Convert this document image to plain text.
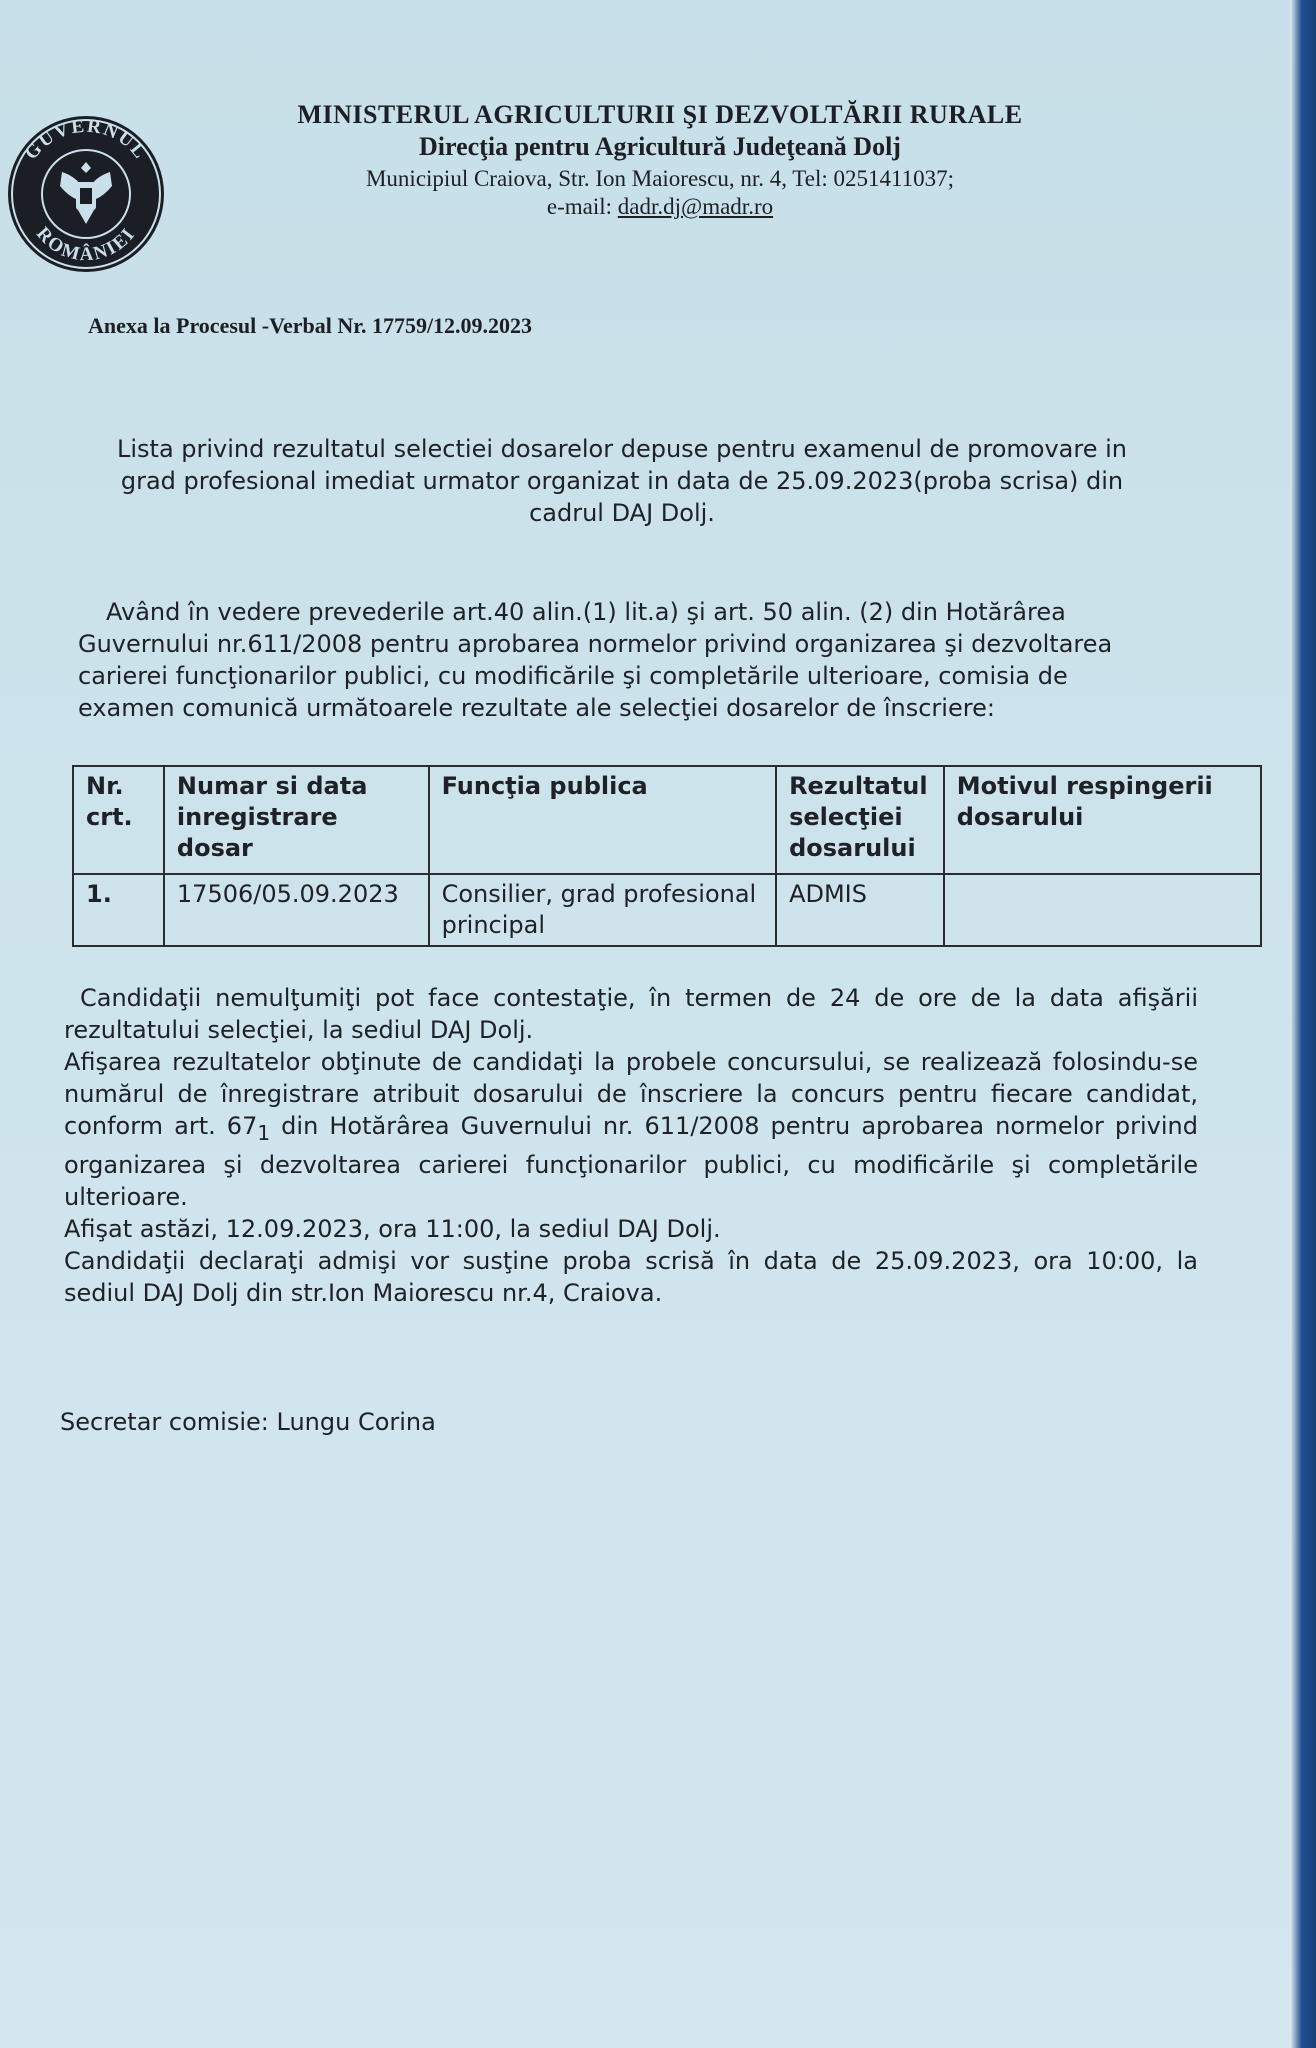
GUVERNUL
ROMÂNIEI
MINISTERUL AGRICULTURII ŞI DEZVOLTĂRII RURALE
Direcţia pentru Agricultură Judeţeană Dolj
Municipiul Craiova, Str. Ion Maiorescu, nr. 4, Tel: 0251411037;
e-mail: dadr.dj@madr.ro
Anexa la Procesul -Verbal Nr. 17759/12.09.2023
Lista privind rezultatul selectiei dosarelor depuse pentru examenul de promovare in grad profesional imediat urmator organizat in data de 25.09.2023(proba scrisa) din cadrul DAJ Dolj.

Având în vedere prevederile art.40 alin.(1) lit.a) şi art. 50 alin. (2) din Hotărârea Guvernului nr.611/2008 pentru aprobarea normelor privind organizarea şi dezvoltarea carierei funcţionarilor publici, cu modificările şi completările ulterioare, comisia de examen comunică următoarele rezultate ale selecţiei dosarelor de înscriere:

Nr. crt.	Numar si data inregistrare dosar	Funcţia publica	Rezultatul selecţiei dosarului	Motivul respingerii dosarului
1.	17506/05.09.2023	Consilier, grad profesional principal	ADMIS	

Candidaţii nemulţumiţi pot face contestaţie, în termen de 24 de ore de la data afişării rezultatului selecţiei, la sediul DAJ Dolj.

Afişarea rezultatelor obţinute de candidaţi la probele concursului, se realizează folosindu-se numărul de înregistrare atribuit dosarului de înscriere la concurs pentru fiecare candidat, conform art. $67_1$ din Hotărârea Guvernului nr. 611/2008 pentru aprobarea normelor privind organizarea şi dezvoltarea carierei funcţionarilor publici, cu modificările şi completările ulterioare.

Afişat astăzi, 12.09.2023, ora 11:00, la sediul DAJ Dolj.

Candidaţii declaraţi admişi vor susţine proba scrisă în data de 25.09.2023, ora 10:00, la sediul DAJ Dolj din str.Ion Maiorescu nr.4, Craiova.

Secretar comisie: Lungu Corina
